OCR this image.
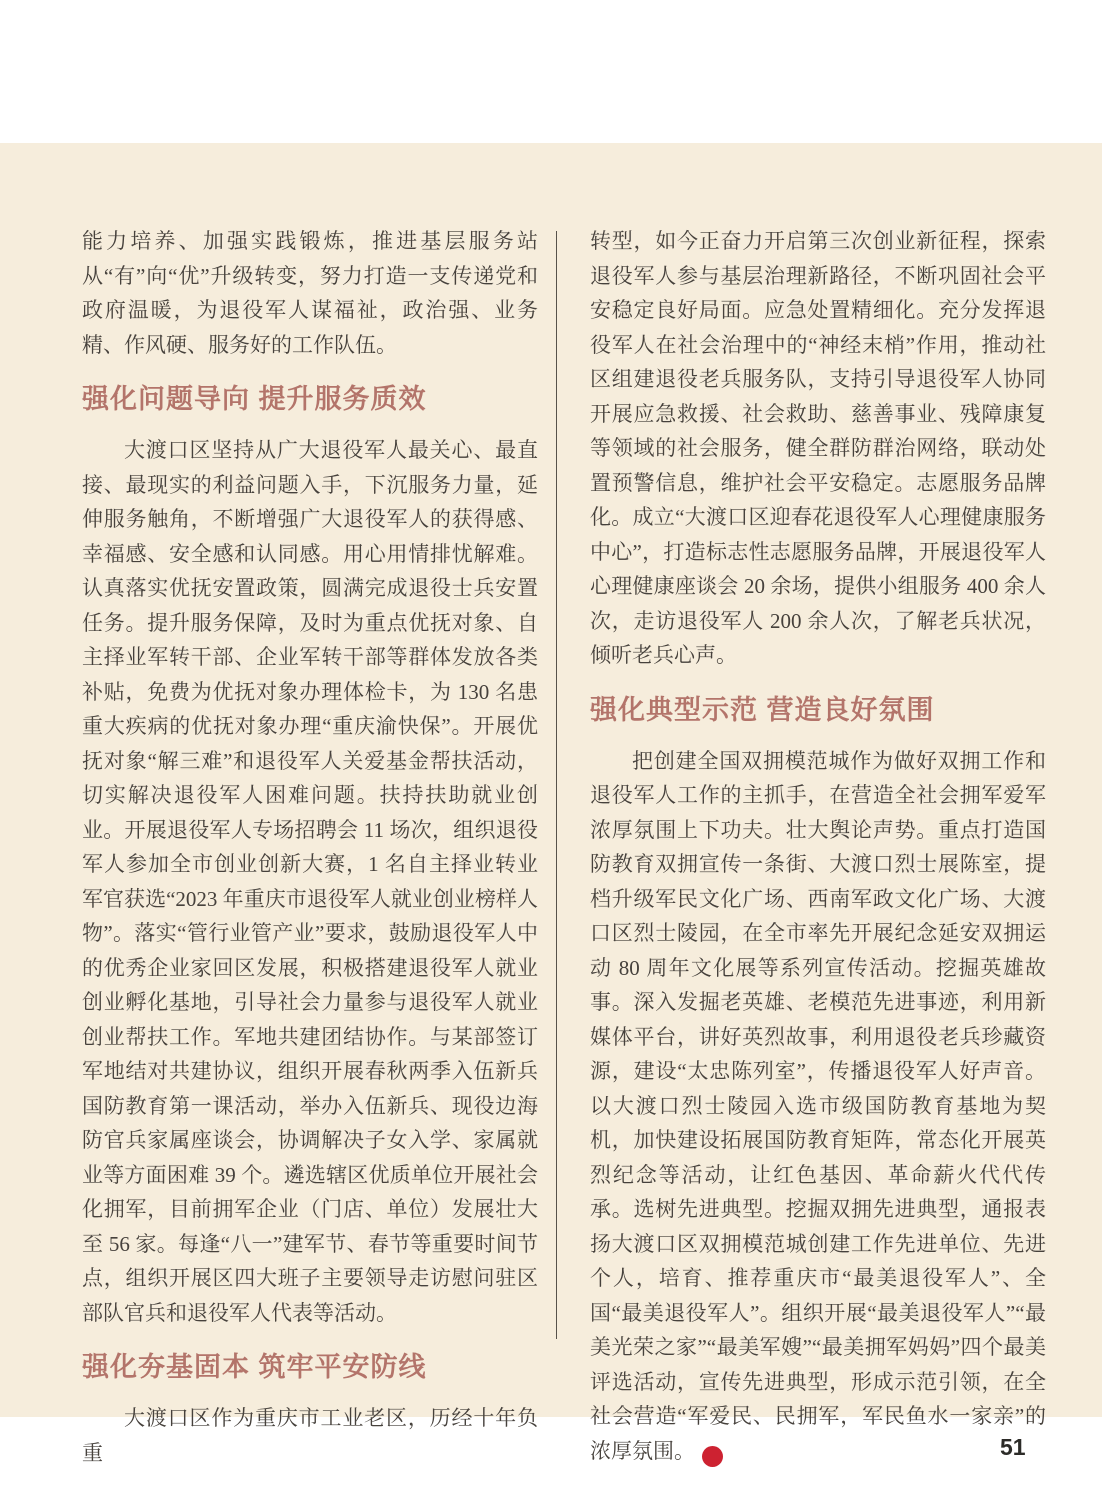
能力培养、加强实践锻炼，推进基层服务站从“有”向“优”升级转变，努力打造一支传递党和政府温暖，为退役军人谋福祉，政治强、业务精、作风硬、服务好的工作队伍。

强化问题导向 提升服务质效

大渡口区坚持从广大退役军人最关心、最直接、最现实的利益问题入手，下沉服务力量，延伸服务触角，不断增强广大退役军人的获得感、幸福感、安全感和认同感。用心用情排忧解难。认真落实优抚安置政策，圆满完成退役士兵安置任务。提升服务保障，及时为重点优抚对象、自主择业军转干部、企业军转干部等群体发放各类补贴，免费为优抚对象办理体检卡，为 130 名患重大疾病的优抚对象办理“重庆渝快保”。开展优抚对象“解三难”和退役军人关爱基金帮扶活动，切实解决退役军人困难问题。扶持扶助就业创业。开展退役军人专场招聘会 11 场次，组织退役军人参加全市创业创新大赛，1 名自主择业转业军官获选“2023 年重庆市退役军人就业创业榜样人物”。落实“管行业管产业”要求，鼓励退役军人中的优秀企业家回区发展，积极搭建退役军人就业创业孵化基地，引导社会力量参与退役军人就业创业帮扶工作。军地共建团结协作。与某部签订军地结对共建协议，组织开展春秋两季入伍新兵国防教育第一课活动，举办入伍新兵、现役边海防官兵家属座谈会，协调解决子女入学、家属就业等方面困难 39 个。遴选辖区优质单位开展社会化拥军，目前拥军企业（门店、单位）发展壮大至 56 家。每逢“八一”建军节、春节等重要时间节点，组织开展区四大班子主要领导走访慰问驻区部队官兵和退役军人代表等活动。

强化夯基固本 筑牢平安防线

大渡口区作为重庆市工业老区，历经十年负重

转型，如今正奋力开启第三次创业新征程，探索退役军人参与基层治理新路径，不断巩固社会平安稳定良好局面。应急处置精细化。充分发挥退役军人在社会治理中的“神经末梢”作用，推动社区组建退役老兵服务队，支持引导退役军人协同开展应急救援、社会救助、慈善事业、残障康复等领域的社会服务，健全群防群治网络，联动处置预警信息，维护社会平安稳定。志愿服务品牌化。成立“大渡口区迎春花退役军人心理健康服务中心”，打造标志性志愿服务品牌，开展退役军人心理健康座谈会 20 余场，提供小组服务 400 余人次，走访退役军人 200 余人次，了解老兵状况，倾听老兵心声。

强化典型示范 营造良好氛围

把创建全国双拥模范城作为做好双拥工作和退役军人工作的主抓手，在营造全社会拥军爱军浓厚氛围上下功夫。壮大舆论声势。重点打造国防教育双拥宣传一条街、大渡口烈士展陈室，提档升级军民文化广场、西南军政文化广场、大渡口区烈士陵园，在全市率先开展纪念延安双拥运动 80 周年文化展等系列宣传活动。挖掘英雄故事。深入发掘老英雄、老模范先进事迹，利用新媒体平台，讲好英烈故事，利用退役老兵珍藏资源，建设“太忠陈列室”，传播退役军人好声音。以大渡口烈士陵园入选市级国防教育基地为契机，加快建设拓展国防教育矩阵，常态化开展英烈纪念等活动，让红色基因、革命薪火代代传承。选树先进典型。挖掘双拥先进典型，通报表扬大渡口区双拥模范城创建工作先进单位、先进个人，培育、推荐重庆市“最美退役军人”、全国“最美退役军人”。组织开展“最美退役军人”“最美光荣之家”“最美军嫂”“最美拥军妈妈”四个最美评选活动，宣传先进典型，形成示范引领，在全社会营造“军爱民、民拥军，军民鱼水一家亲”的浓厚氛围。	N	51
